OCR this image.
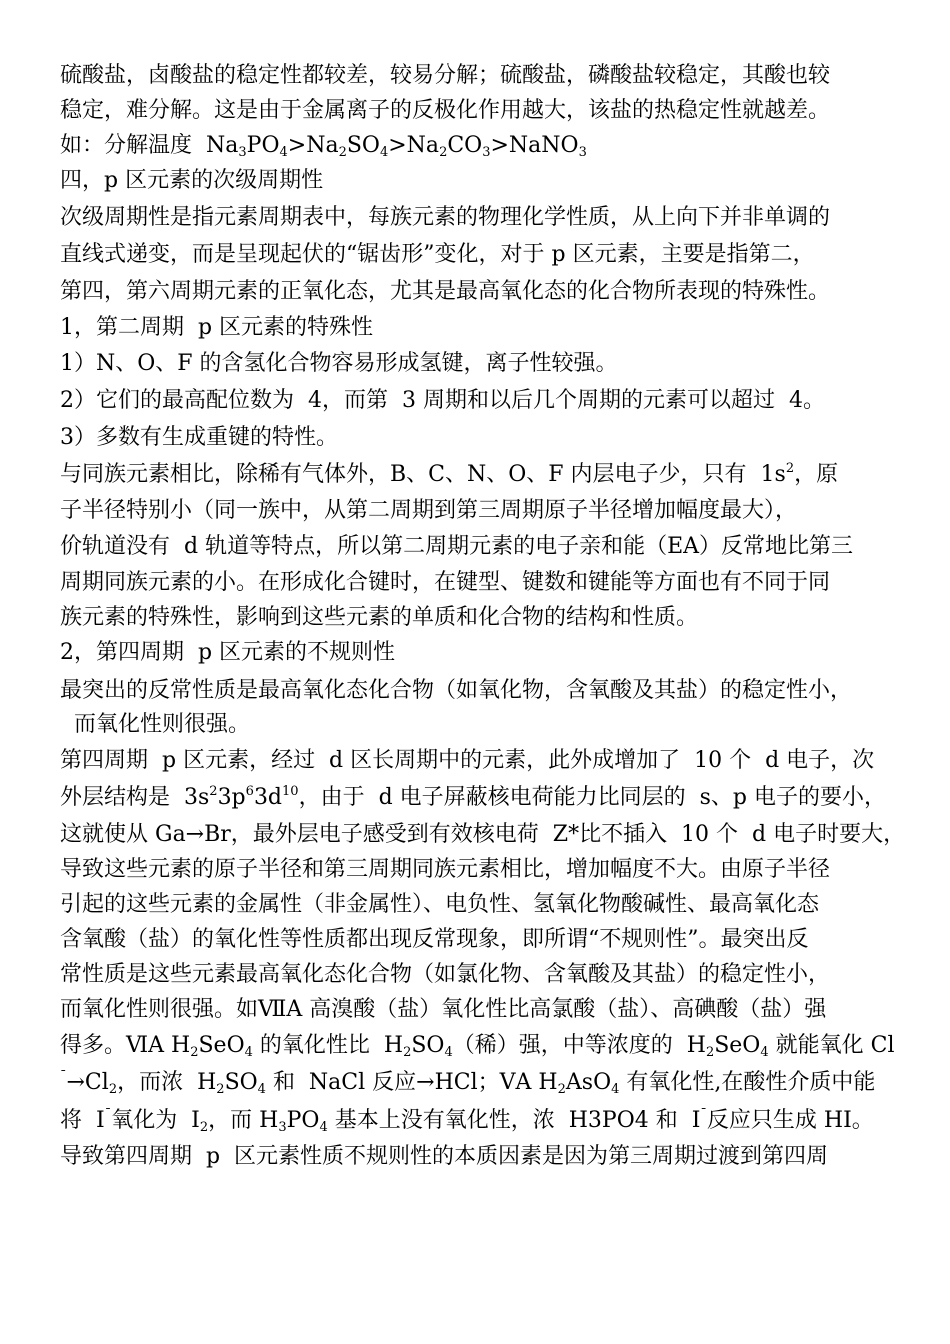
硫酸盐，卤酸盐的稳定性都较差，较易分解；硫酸盐，磷酸盐较稳定，其酸也较
稳定，难分解。这是由于金属离子的反极化作用越大，该盐的热稳定性就越差。
如：分解温度  $Na_3PO_4>Na_2SO_4>Na_2CO_3>NaNO_3$
四，p 区元素的次级周期性
次级周期性是指元素周期表中，每族元素的物理化学性质，从上向下并非单调的
直线式递变，而是呈现起伏的“锯齿形”变化，对于 p 区元素，主要是指第二，
第四，第六周期元素的正氧化态，尤其是最高氧化态的化合物所表现的特殊性。
1，第二周期  p 区元素的特殊性
1）N、O、F 的含氢化合物容易形成氢键，离子性较强。
2）它们的最高配位数为  4，而第  3 周期和以后几个周期的元素可以超过  4。
3）多数有生成重键的特性。
与同族元素相比，除稀有气体外，B、C、N、O、F 内层电子少，只有  $1s^2$，原
子半径特别小（同一族中，从第二周期到第三周期原子半径增加幅度最大），
价轨道没有  d 轨道等特点，所以第二周期元素的电子亲和能（EA）反常地比第三
周期同族元素的小。在形成化合键时，在键型、键数和键能等方面也有不同于同
族元素的特殊性，影响到这些元素的单质和化合物的结构和性质。
2，第四周期  p 区元素的不规则性
最突出的反常性质是最高氧化态化合物（如氧化物，含氧酸及其盐）的稳定性小，
而氧化性则很强。
第四周期  p 区元素，经过  d 区长周期中的元素，此外成增加了  10 个  d 电子，次
外层结构是  $3s^23p^63d^{10}$，由于  d 电子屏蔽核电荷能力比同层的  s、p 电子的要小，
这就使从 Ga→Br，最外层电子感受到有效核电荷  Z*比不插入  10 个  d 电子时要大，
导致这些元素的原子半径和第三周期同族元素相比，增加幅度不大。由原子半径
引起的这些元素的金属性（非金属性）、电负性、氢氧化物酸碱性、最高氧化态
含氧酸（盐）的氧化性等性质都出现反常现象，即所谓“不规则性”。最突出反
常性质是这些元素最高氧化态化合物（如氯化物、含氧酸及其盐）的稳定性小，
而氧化性则很强。如ⅦA 高溴酸（盐）氧化性比高氯酸（盐）、高碘酸（盐）强
得多。ⅥA $H_2SeO_4$ 的氧化性比  $H_2SO_4$（稀）强，中等浓度的  $H_2SeO_4$ 就能氧化 Cl
$^¯\to Cl_2$，而浓  $H_2SO_4$ 和  NaCl 反应→HCl；ⅤA $H_2AsO_4$ 有氧化性,在酸性介质中能
将  I¯氧化为  $I_2$，而 $H_3PO_4$ 基本上没有氧化性，浓  H3PO4 和  I¯反应只生成 HI。
导致第四周期  p  区元素性质不规则性的本质因素是因为第三周期过渡到第四周
